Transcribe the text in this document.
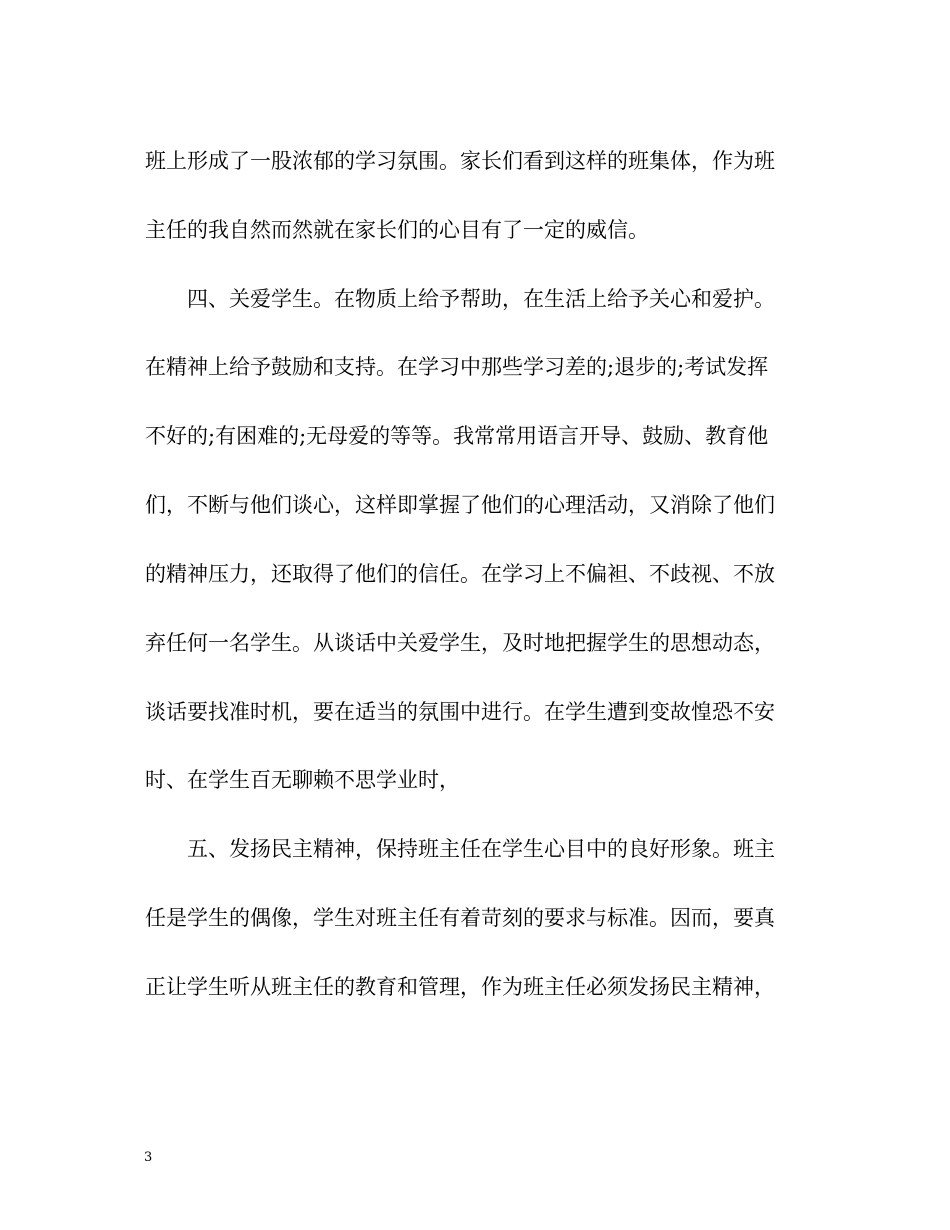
班上形成了一股浓郁的学习氛围。家长们看到这样的班集体，作为班
主任的我自然而然就在家长们的心目有了一定的威信。
四、关爱学生。在物质上给予帮助，在生活上给予关心和爱护。
在精神上给予鼓励和支持。在学习中那些学习差的;退步的;考试发挥
不好的;有困难的;无母爱的等等。我常常用语言开导、鼓励、教育他
们，不断与他们谈心，这样即掌握了他们的心理活动，又消除了他们
的精神压力，还取得了他们的信任。在学习上不偏袒、不歧视、不放
弃任何一名学生。从谈话中关爱学生，及时地把握学生的思想动态，
谈话要找准时机，要在适当的氛围中进行。在学生遭到变故惶恐不安
时、在学生百无聊赖不思学业时，
五、发扬民主精神，保持班主任在学生心目中的良好形象。班主
任是学生的偶像，学生对班主任有着苛刻的要求与标准。因而，要真
正让学生听从班主任的教育和管理，作为班主任必须发扬民主精神，
3
